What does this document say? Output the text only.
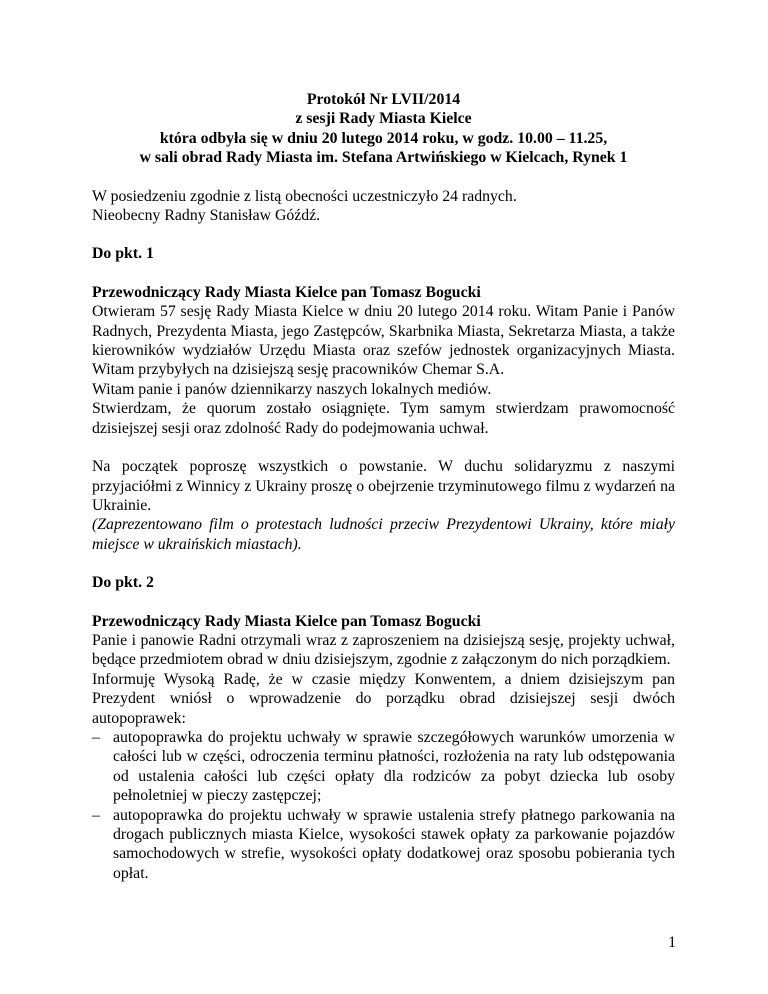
Protokół Nr LVII/2014
z sesji Rady Miasta Kielce
która odbyła się w dniu 20 lutego 2014 roku, w godz. 10.00 – 11.25,
w sali obrad Rady Miasta im. Stefana Artwińskiego w Kielcach, Rynek 1

W posiedzeniu zgodnie z listą obecności uczestniczyło 24 radnych.

Nieobecny Radny Stanisław Góźdź.

Do pkt. 1

Przewodniczący Rady Miasta Kielce pan Tomasz Bogucki

Otwieram 57 sesję Rady Miasta Kielce w dniu 20 lutego 2014 roku. Witam Panie i Panów Radnych, Prezydenta Miasta, jego Zastępców, Skarbnika Miasta, Sekretarza Miasta, a także kierowników wydziałów Urzędu Miasta oraz szefów jednostek organizacyjnych Miasta. Witam przybyłych na dzisiejszą sesję pracowników Chemar S.A.

Witam panie i panów dziennikarzy naszych lokalnych mediów.

Stwierdzam, że quorum zostało osiągnięte. Tym samym stwierdzam prawomocność dzisiejszej sesji oraz zdolność Rady do podejmowania uchwał.

Na początek poproszę wszystkich o powstanie. W duchu solidaryzmu z naszymi przyjaciółmi z Winnicy z Ukrainy proszę o obejrzenie trzyminutowego filmu z wydarzeń na Ukrainie.

(Zaprezentowano film o protestach ludności przeciw Prezydentowi Ukrainy, które miały miejsce w ukraińskich miastach).

Do pkt. 2

Przewodniczący Rady Miasta Kielce pan Tomasz Bogucki

Panie i panowie Radni otrzymali wraz z zaproszeniem na dzisiejszą sesję, projekty uchwał, będące przedmiotem obrad w dniu dzisiejszym, zgodnie z załączonym do nich porządkiem.

Informuję Wysoką Radę, że w czasie między Konwentem, a dniem dzisiejszym pan Prezydent wniósł o wprowadzenie do porządku obrad dzisiejszej sesji dwóch autopoprawek:

– autopoprawka do projektu uchwały w sprawie szczegółowych warunków umorzenia w całości lub w części, odroczenia terminu płatności, rozłożenia na raty lub odstępowania od ustalenia całości lub części opłaty dla rodziców za pobyt dziecka lub osoby pełnoletniej w pieczy zastępczej;
– autopoprawka do projektu uchwały w sprawie ustalenia strefy płatnego parkowania na drogach publicznych miasta Kielce, wysokości stawek opłaty za parkowanie pojazdów samochodowych w strefie, wysokości opłaty dodatkowej oraz sposobu pobierania tych opłat.
1
